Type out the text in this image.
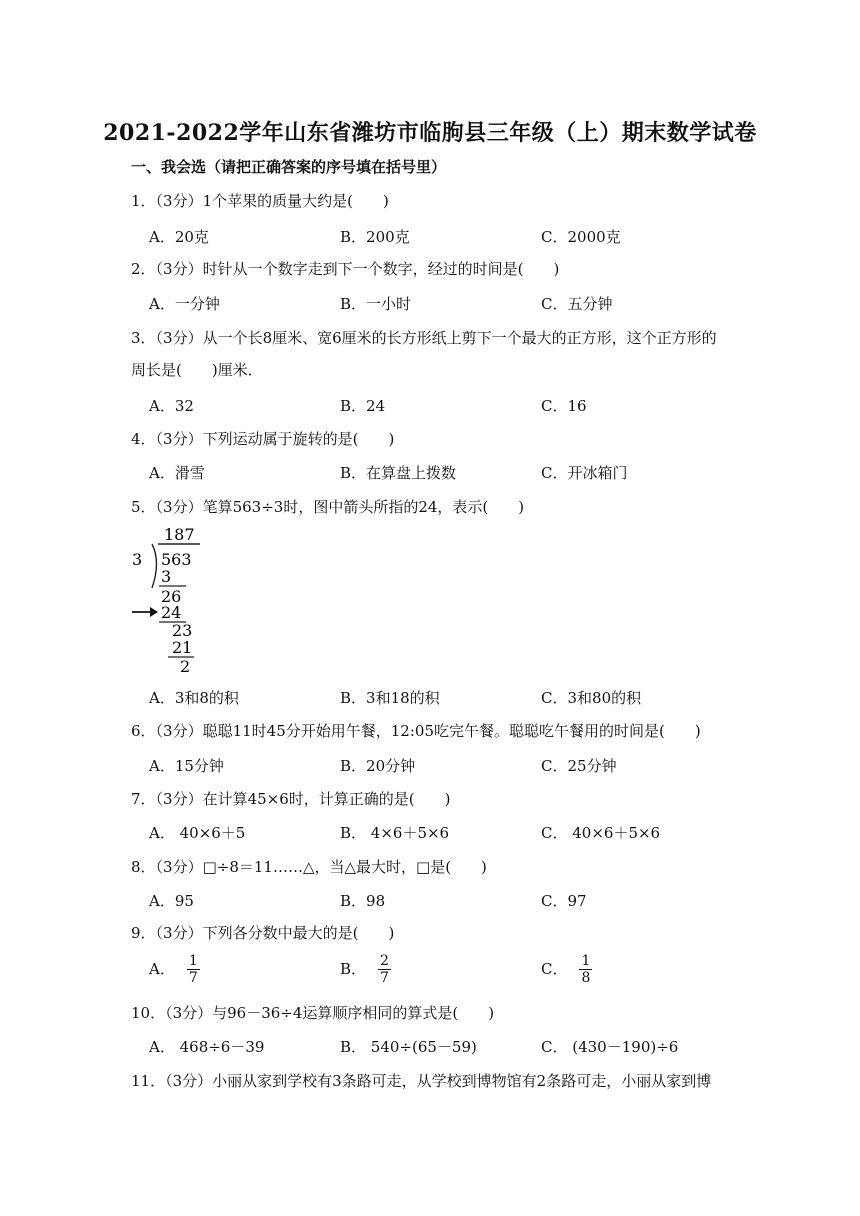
2021-2022学年山东省潍坊市临朐县三年级（上）期末数学试卷
一、我会选（请把正确答案的序号填在括号里）
1．（3分）1个苹果的质量大约是(　　)
A．20克	B．200克	C．2000克
2．（3分）时针从一个数字走到下一个数字，经过的时间是(　　)
A．一分钟	B．一小时	C．五分钟
3．（3分）从一个长8厘米、宽6厘米的长方形纸上剪下一个最大的正方形，这个正方形的
周长是(　　)厘米．
A．32	B．24	C．16
4．（3分）下列运动属于旋转的是(　　)
A．滑雪	B．在算盘上拨数	C．开冰箱门
5．（3分）笔算563÷3时，图中箭头所指的24，表示(　　)
187
3 563
3
26
24
23
21
2
A．3和8的积	B．3和18的积	C．3和80的积
6．（3分）聪聪11时45分开始用午餐，12:05吃完午餐。聪聪吃午餐用的时间是(　　)
A．15分钟	B．20分钟	C．25分钟
7．（3分）在计算45×6时，计算正确的是(　　)
A． 40×6＋5	B． 4×6＋5×6	C． 40×6＋5×6
8．（3分）□÷8＝11……△，当△最大时，□是(　　)
A．95	B．98	C．97
9．（3分）下列各分数中最大的是(　　)
A． $\frac{1}{7}$	B． $\frac{2}{7}$	C． $\frac{1}{8}$
10．（3分）与96－36÷4运算顺序相同的算式是(　　)
A． 468÷6－39	B． 540÷(65－59)	C． (430－190)÷6
11．（3分）小丽从家到学校有3条路可走，从学校到博物馆有2条路可走，小丽从家到博
